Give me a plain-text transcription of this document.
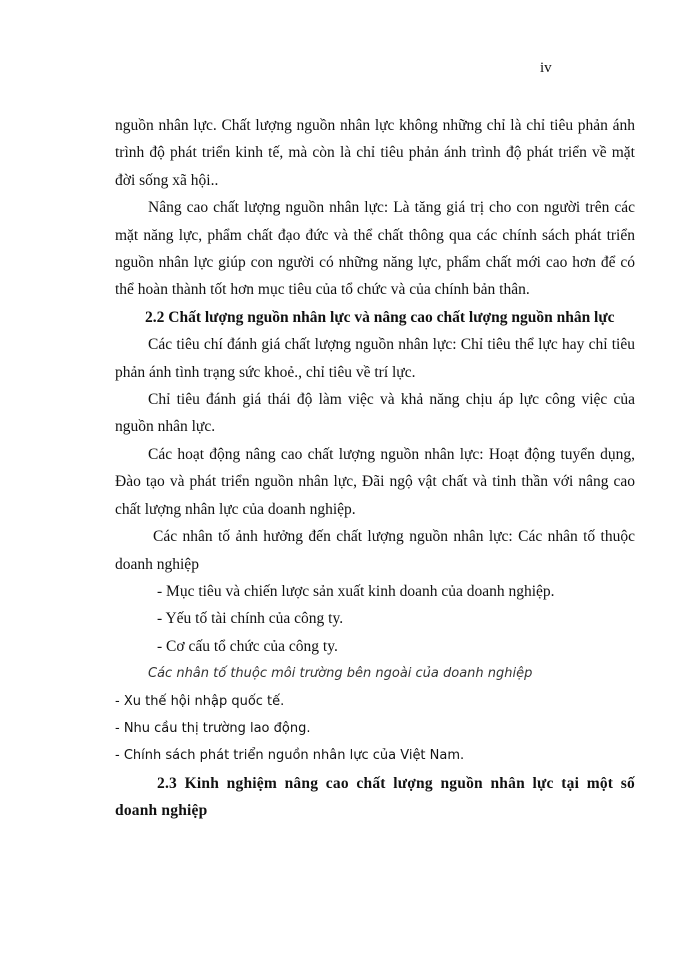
iv

nguồn nhân lực. Chất lượng nguồn nhân lực không những chỉ là chỉ tiêu phản ánh trình độ phát triển kinh tế, mà còn là chỉ tiêu phản ánh trình độ phát triển về mặt đời sống xã hội..

Nâng cao chất lượng nguồn nhân lực: Là tăng giá trị cho con người trên các mặt năng lực, phẩm chất đạo đức và thể chất thông qua các chính sách phát triển nguồn nhân lực giúp con người có những năng lực, phẩm chất mới cao hơn để có thể hoàn thành tốt hơn mục tiêu của tổ chức và của chính bản thân.

2.2 Chất lượng nguồn nhân lực và nâng cao chất lượng nguồn nhân lực

Các tiêu chí đánh giá chất lượng nguồn nhân lực: Chỉ tiêu thể lực hay chỉ tiêu phản ánh tình trạng sức khoẻ., chỉ tiêu về trí lực.

Chỉ tiêu đánh giá thái độ làm việc và khả năng chịu áp lực công việc của nguồn nhân lực.

Các hoạt động nâng cao chất lượng nguồn nhân lực: Hoạt động tuyển dụng, Đào tạo và phát triển nguồn nhân lực, Đãi ngộ vật chất và tinh thần với nâng cao chất lượng nhân lực của doanh nghiệp.

Các nhân tố ảnh hưởng đến chất lượng nguồn nhân lực: Các nhân tố thuộc doanh nghiệp

- Mục tiêu và chiến lược sản xuất kinh doanh của doanh nghiệp.

- Yếu tố tài chính của công ty.

- Cơ cấu tổ chức của công ty.

Các nhân tố thuộc môi trường bên ngoài của doanh nghiệp

- Xu thế hội nhập quốc tế.

- Nhu cầu thị trường lao động.

- Chính sách phát triển nguồn nhân lực của Việt Nam.

2.3 Kinh nghiệm nâng cao chất lượng nguồn nhân lực tại một số doanh nghiệp
